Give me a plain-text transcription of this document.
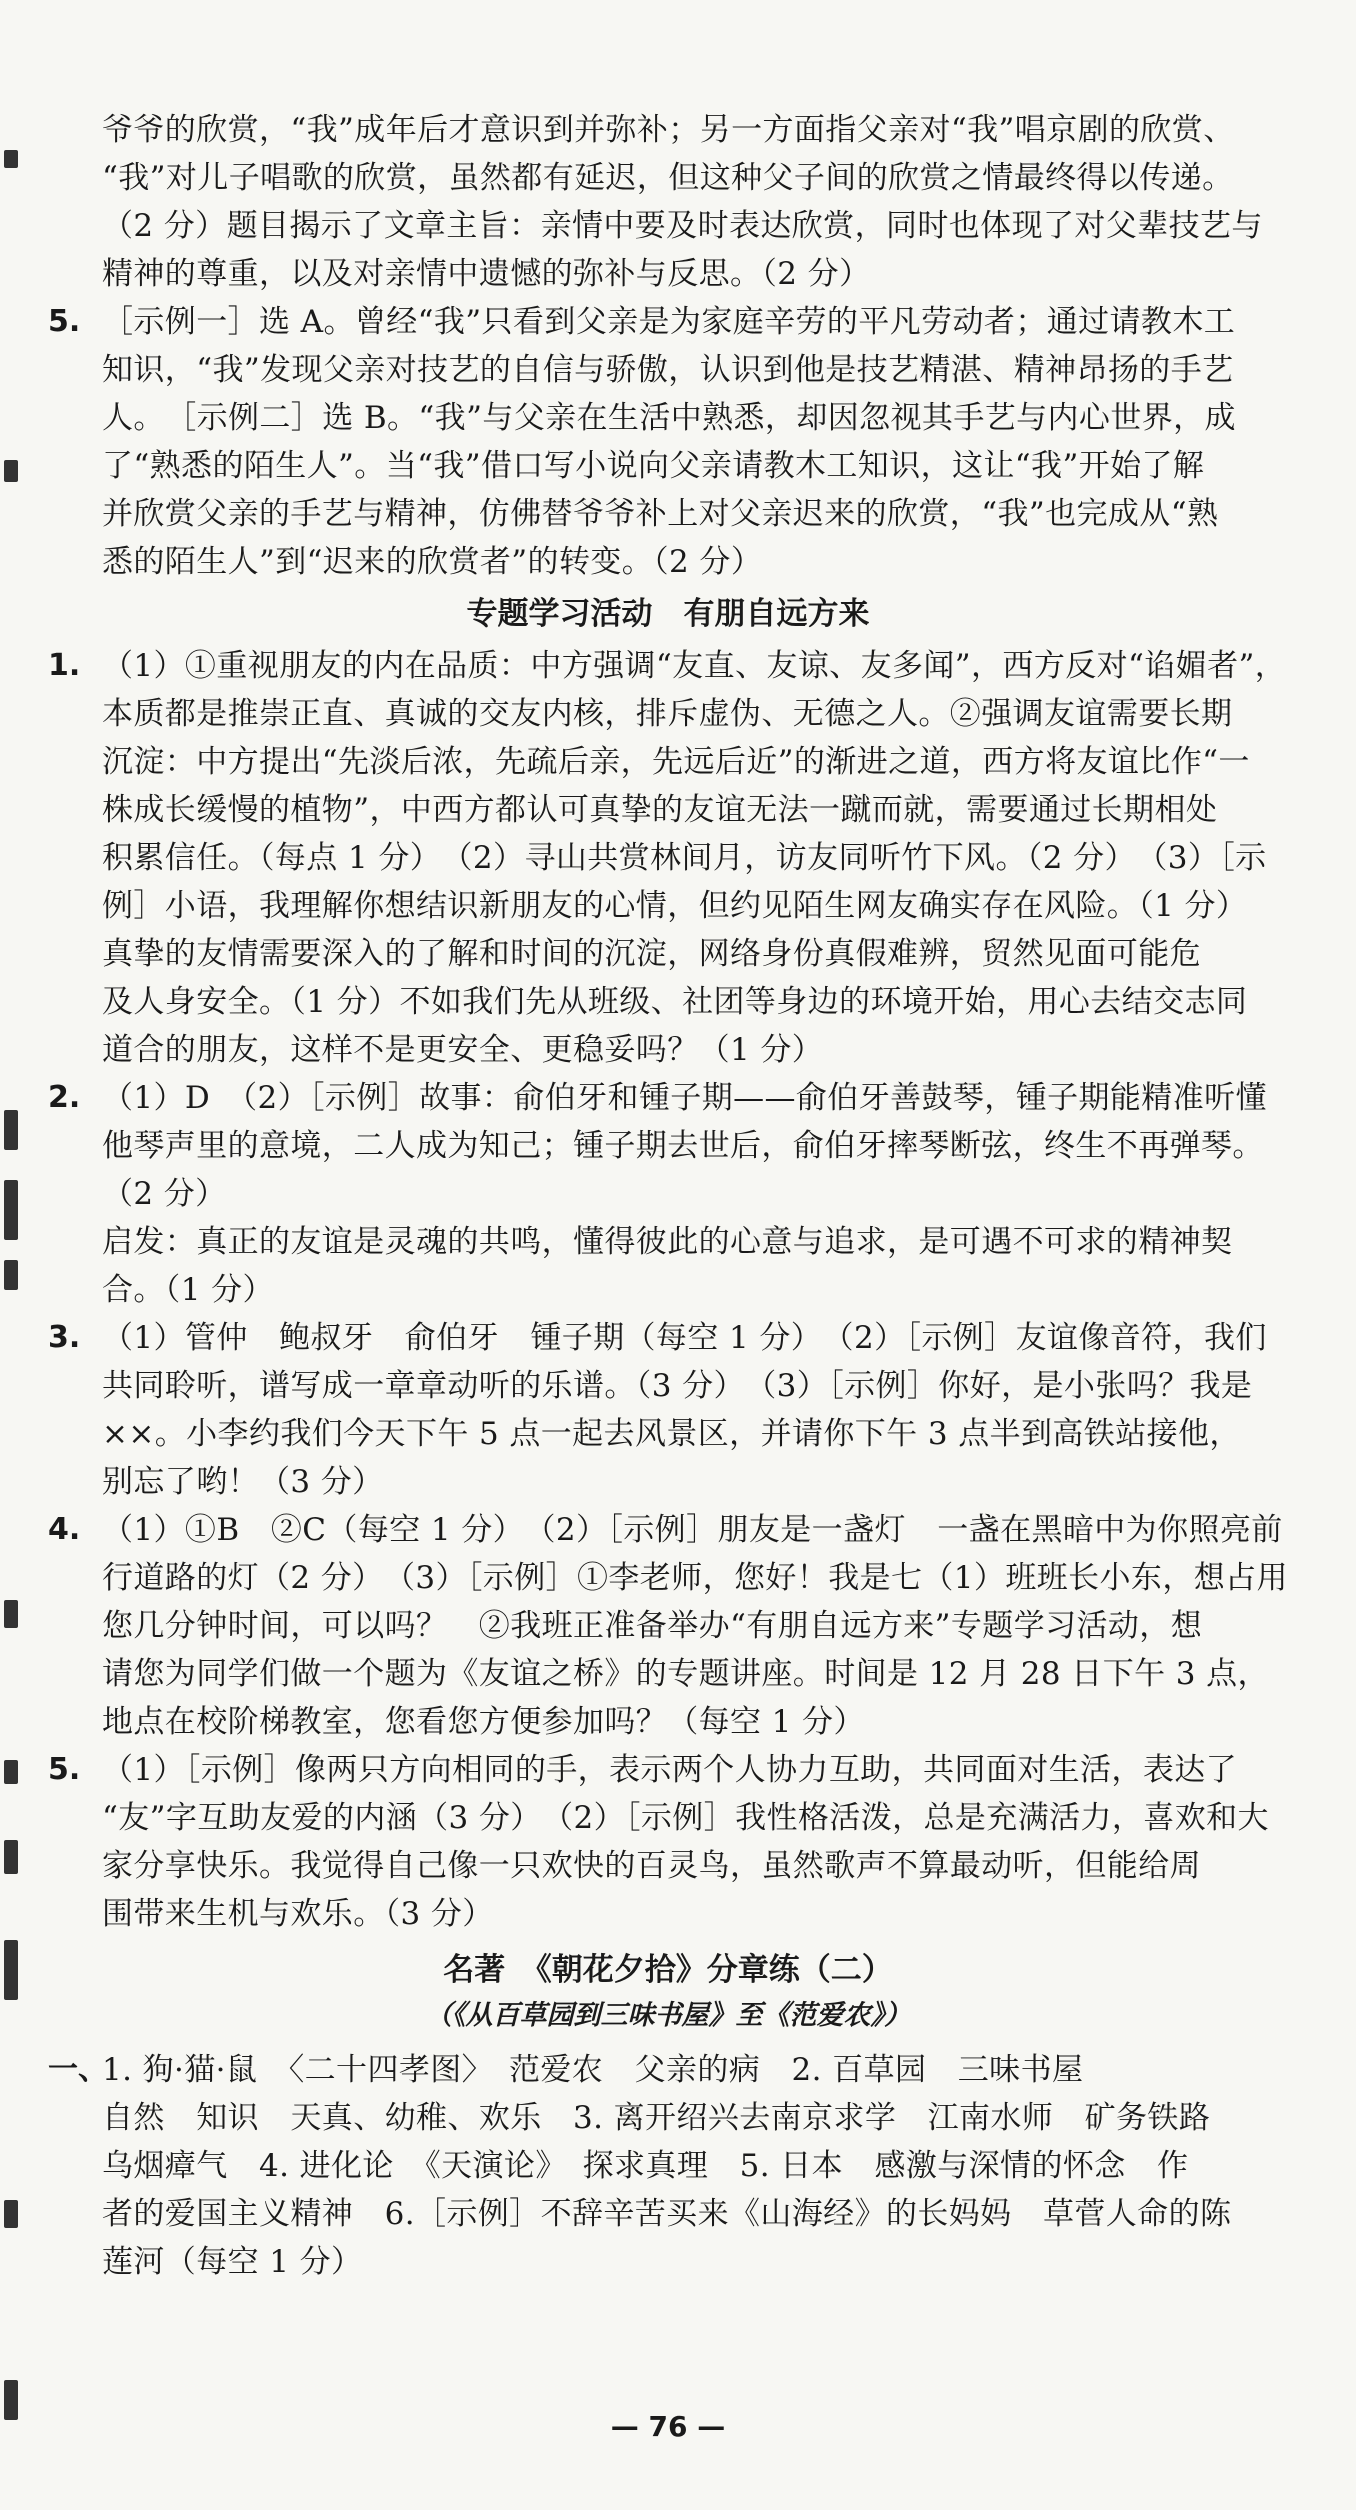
爷爷的欣赏，“我”成年后才意识到并弥补；另一方面指父亲对“我”唱京剧的欣赏、
“我”对儿子唱歌的欣赏，虽然都有延迟，但这种父子间的欣赏之情最终得以传递。
（2 分）题目揭示了文章主旨：亲情中要及时表达欣赏，同时也体现了对父辈技艺与
精神的尊重，以及对亲情中遗憾的弥补与反思。（2 分）
5. ［示例一］选 A。曾经“我”只看到父亲是为家庭辛劳的平凡劳动者；通过请教木工
知识，“我”发现父亲对技艺的自信与骄傲，认识到他是技艺精湛、精神昂扬的手艺
人。　［示例二］选 B。“我”与父亲在生活中熟悉，却因忽视其手艺与内心世界，成
了“熟悉的陌生人”。当“我”借口写小说向父亲请教木工知识，这让“我”开始了解
并欣赏父亲的手艺与精神，仿佛替爷爷补上对父亲迟来的欣赏，“我”也完成从“熟
悉的陌生人”到“迟来的欣赏者”的转变。（2 分）
专题学习活动　有朋自远方来
1. （1）①重视朋友的内在品质：中方强调“友直、友谅、友多闻”，西方反对“谄媚者”，
本质都是推崇正直、真诚的交友内核，排斥虚伪、无德之人。②强调友谊需要长期
沉淀：中方提出“先淡后浓，先疏后亲，先远后近”的渐进之道，西方将友谊比作“一
株成长缓慢的植物”，中西方都认可真挚的友谊无法一蹴而就，需要通过长期相处
积累信任。（每点 1 分）　（2）寻山共赏林间月，访友同听竹下风。（2 分）　（3）［示
例］小语，我理解你想结识新朋友的心情，但约见陌生网友确实存在风险。（1 分）
真挚的友情需要深入的了解和时间的沉淀，网络身份真假难辨，贸然见面可能危
及人身安全。（1 分）不如我们先从班级、社团等身边的环境开始，用心去结交志同
道合的朋友，这样不是更安全、更稳妥吗？（1 分）
2. （1）D　（2）［示例］故事：俞伯牙和锺子期——俞伯牙善鼓琴，锺子期能精准听懂
他琴声里的意境，二人成为知己；锺子期去世后，俞伯牙摔琴断弦，终生不再弹琴。
（2 分）
启发：真正的友谊是灵魂的共鸣，懂得彼此的心意与追求，是可遇不可求的精神契
合。（1 分）
3. （1）管仲　鲍叔牙　俞伯牙　锺子期（每空 1 分）　（2）［示例］友谊像音符，我们
共同聆听，谱写成一章章动听的乐谱。（3 分）　（3）［示例］你好，是小张吗？我是
××。小李约我们今天下午 5 点一起去风景区，并请你下午 3 点半到高铁站接他，
别忘了哟！（3 分）
4. （1）①B　②C（每空 1 分）　（2）［示例］朋友是一盏灯　一盏在黑暗中为你照亮前
行道路的灯（2 分）　（3）［示例］①李老师，您好！我是七（1）班班长小东，想占用
您几分钟时间，可以吗？　②我班正准备举办“有朋自远方来”专题学习活动，想
请您为同学们做一个题为《友谊之桥》的专题讲座。时间是 12 月 28 日下午 3 点，
地点在校阶梯教室，您看您方便参加吗？（每空 1 分）
5. （1）［示例］像两只方向相同的手，表示两个人协力互助，共同面对生活，表达了
“友”字互助友爱的内涵（3 分）　（2）［示例］我性格活泼，总是充满活力，喜欢和大
家分享快乐。我觉得自己像一只欢快的百灵鸟，虽然歌声不算最动听，但能给周
围带来生机与欢乐。（3 分）
名著　《朝花夕拾》分章练（二）
（《从百草园到三味书屋》至《范爱农》）
一、
1. 狗·猫·鼠　〈二十四孝图〉　范爱农　父亲的病　2. 百草园　三味书屋
自然　知识　天真、幼稚、欢乐　3. 离开绍兴去南京求学　江南水师　矿务铁路
乌烟瘴气　4. 进化论　《天演论》　探求真理　5. 日本　感激与深情的怀念　作
者的爱国主义精神　6.［示例］不辞辛苦买来《山海经》的长妈妈　草菅人命的陈
莲河（每空 1 分）
— 76 —
